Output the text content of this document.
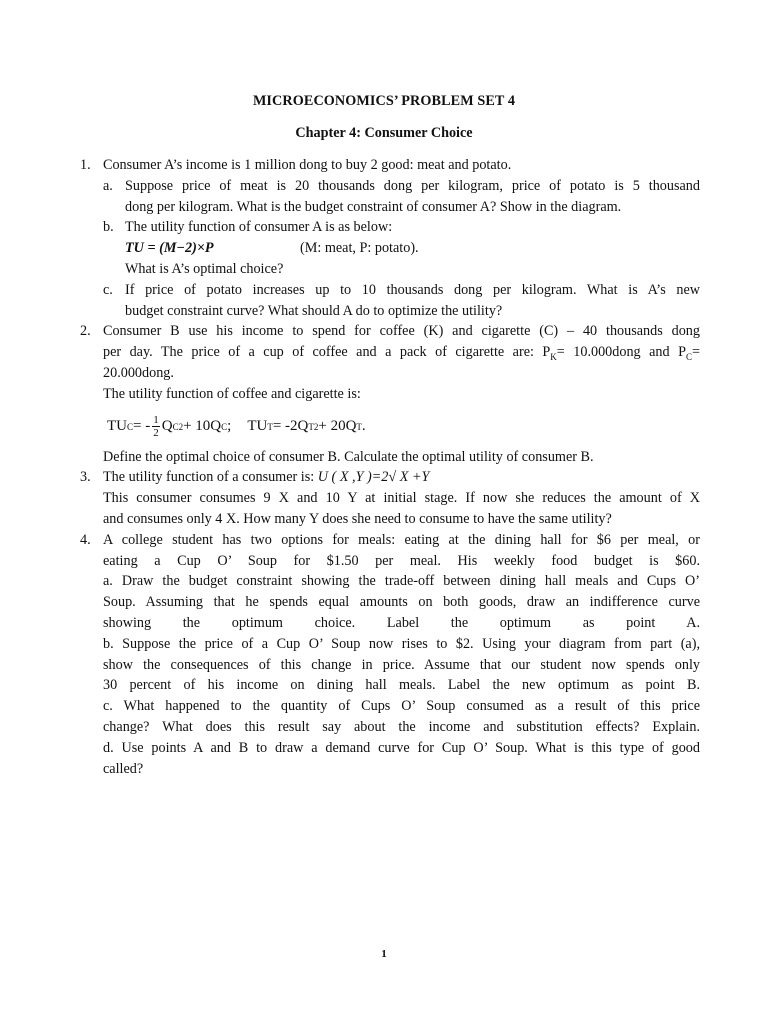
MICROECONOMICS’ PROBLEM SET 4
Chapter 4: Consumer Choice
1. Consumer A’s income is 1 million dong to buy 2 good: meat and potato.
a. Suppose price of meat is 20 thousands dong per kilogram, price of potato is 5 thousand
dong per kilogram. What is the budget constraint of consumer A? Show in the diagram.
b. The utility function of consumer A is as below:
TU = (M−2)×P	(M: meat, P: potato).
What is A’s optimal choice?
c. If price of potato increases up to 10 thousands dong per kilogram. What is A’s new
budget constraint curve? What should A do to optimize the utility?
2. Consumer B use his income to spend for coffee (K) and cigarette (C) – 40 thousands dong
per day. The price of a cup of coffee and a pack of cigarette are: $P_K=$ 10.000dong and $P_C=$
20.000dong.
The utility function of coffee and cigarette is:
TU C = - $\frac{1}{2}$ Q C 2 + 10Q C ; TU T = -2Q T 2 + 20Q T .
Define the optimal choice of consumer B. Calculate the optimal utility of consumer B.
3. The utility function of a consumer is: U ( X ,Y )=2√ X +Y
This consumer consumes 9 X and 10 Y at initial stage. If now she reduces the amount of X
and consumes only 4 X. How many Y does she need to consume to have the same utility?
4. A college student has two options for meals: eating at the dining hall for $6 per meal, or
eating a Cup O’ Soup for $1.50 per meal. His weekly food budget is $60.
a. Draw the budget constraint showing the trade-off between dining hall meals and Cups O’
Soup. Assuming that he spends equal amounts on both goods, draw an indifference curve
showing the optimum choice. Label the optimum as point A.
b. Suppose the price of a Cup O’ Soup now rises to $2. Using your diagram from part (a),
show the consequences of this change in price. Assume that our student now spends only
30 percent of his income on dining hall meals. Label the new optimum as point B.
c. What happened to the quantity of Cups O’ Soup consumed as a result of this price
change? What does this result say about the income and substitution effects? Explain.
d. Use points A and B to draw a demand curve for Cup O’ Soup. What is this type of good
called?
1
